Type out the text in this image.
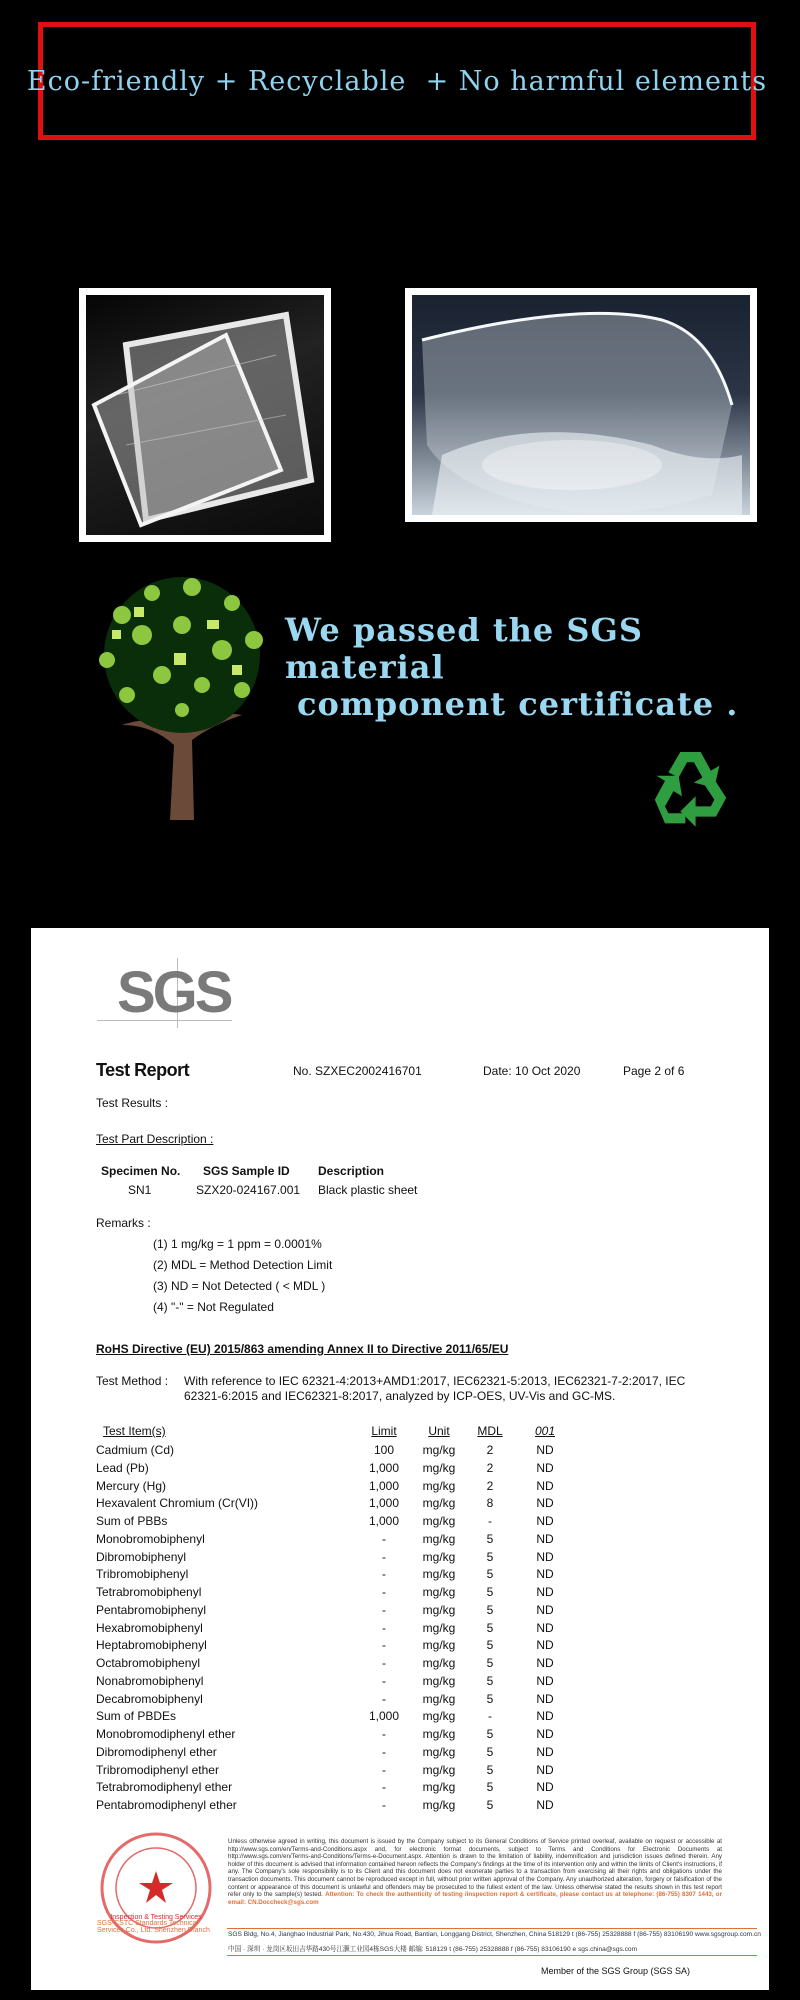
Eco-friendly + Recyclable  + No harmful elements
We passed the SGS material
component certificate .
SGS
Test Report	No. SZXEC2002416701	Date: 10 Oct 2020	Page 2 of 6
Test Results :
Test Part Description :
Specimen No. SGS Sample ID Description
SN1	SZX20-024167.001 Black plastic sheet
Remarks :
(1) 1 mg/kg = 1 ppm = 0.0001%
(2) MDL = Method Detection Limit
(3) ND = Not Detected ( < MDL )
(4) "-" = Not Regulated
RoHS Directive (EU) 2015/863 amending Annex II to Directive 2011/65/EU
Test Method : With reference to IEC 62321-4:2013+AMD1:2017, IEC62321-5:2013, IEC62321-7-2:2017, IEC
62321-6:2015 and IEC62321-8:2017, analyzed by ICP-OES, UV-Vis and GC-MS.
Test Item(s)	Limit	Unit	MDL	001
Cadmium (Cd)	100	mg/kg	2	ND
Lead (Pb)	1,000	mg/kg	2	ND
Mercury (Hg)	1,000	mg/kg	2	ND
Hexavalent Chromium (Cr(VI))	1,000	mg/kg	8	ND
Sum of PBBs	1,000	mg/kg	-	ND
Monobromobiphenyl	-	mg/kg	5	ND
Dibromobiphenyl	-	mg/kg	5	ND
Tribromobiphenyl	-	mg/kg	5	ND
Tetrabromobiphenyl	-	mg/kg	5	ND
Pentabromobiphenyl	-	mg/kg	5	ND
Hexabromobiphenyl	-	mg/kg	5	ND
Heptabromobiphenyl	-	mg/kg	5	ND
Octabromobiphenyl	-	mg/kg	5	ND
Nonabromobiphenyl	-	mg/kg	5	ND
Decabromobiphenyl	-	mg/kg	5	ND
Sum of PBDEs	1,000	mg/kg	-	ND
Monobromodiphenyl ether	-	mg/kg	5	ND
Dibromodiphenyl ether	-	mg/kg	5	ND
Tribromodiphenyl ether	-	mg/kg	5	ND
Tetrabromodiphenyl ether	-	mg/kg	5	ND
Pentabromodiphenyl ether	-	mg/kg	5	ND
Inspection & Testing Services
SGS-CSTC Standards Technical Services Co., Ltd. Shenzhen Branch
Unless otherwise agreed in writing, this document is issued by the Company subject to its General Conditions of Service printed overleaf, available on request or accessible at http://www.sgs.com/en/Terms-and-Conditions.aspx and, for electronic format documents, subject to Terms and Conditions for Electronic Documents at http://www.sgs.com/en/Terms-and-Conditions/Terms-e-Document.aspx. Attention is drawn to the limitation of liability, indemnification and jurisdiction issues defined therein. Any holder of this document is advised that information contained hereon reflects the Company's findings at the time of its intervention only and within the limits of Client's instructions, if any. The Company's sole responsibility is to its Client and this document does not exonerate parties to a transaction from exercising all their rights and obligations under the transaction documents. This document cannot be reproduced except in full, without prior written approval of the Company. Any unauthorized alteration, forgery or falsification of the content or appearance of this document is unlawful and offenders may be prosecuted to the fullest extent of the law. Unless otherwise stated the results shown in this test report refer only to the sample(s) tested. Attention: To check the authenticity of testing /inspection report & certificate, please contact us at telephone: (86-755) 8307 1443, or email: CN.Doccheck@sgs.com
SGS Bldg, No.4, Jianghao Industrial Park, No.430, Jihua Road, Bantian, Longgang District, Shenzhen, China 518129 t (86-755) 25328888 f (86-755) 83106190 www.sgsgroup.com.cn
中国 · 深圳 · 龙岗区坂田吉华路430号江灏工业园4栋SGS大楼 邮编: 518129 t (86-755) 25328888 f (86-755) 83106190 e sgs.china@sgs.com
Member of the SGS Group (SGS SA)
